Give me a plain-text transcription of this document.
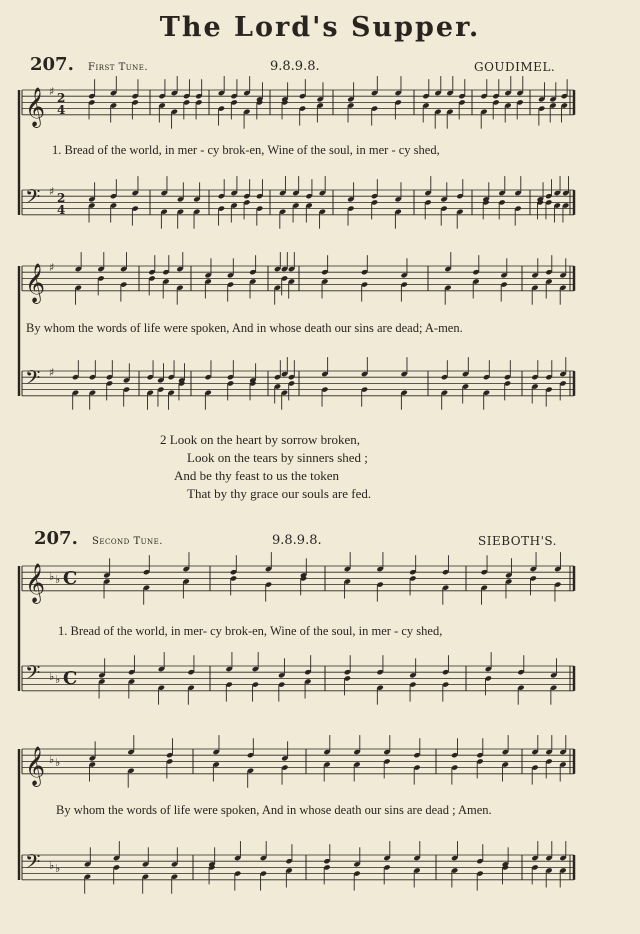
The Lord's Supper.
207. First Tune.	9.8.9.8.	GOUDIMEL.
1. Bread of the world, in mer - cy brok-en, Wine of the soul, in mer - cy shed,
By whom the words of life were spoken, And in whose death our sins are dead; A-men.
2 Look on the heart by sorrow broken,
Look on the tears by sinners shed ;
And be thy feast to us the token
That by thy grace our souls are fed.
207. Second Tune.	9.8.9.8.	SIEBOTH'S.
1. Bread of the world, in mer- cy brok-en, Wine of the soul, in mer - cy shed,
By whom the words of life were spoken, And in whose death our sins are dead ; Amen.
𝄞 ♯ 2
4
𝄢 ♯ 2
4
𝄞 ♯
𝄢 ♯
𝄞 ♭ ♭ C
𝄢 ♭ ♭ C
𝄞 ♭ ♭
𝄢 ♭ ♭
